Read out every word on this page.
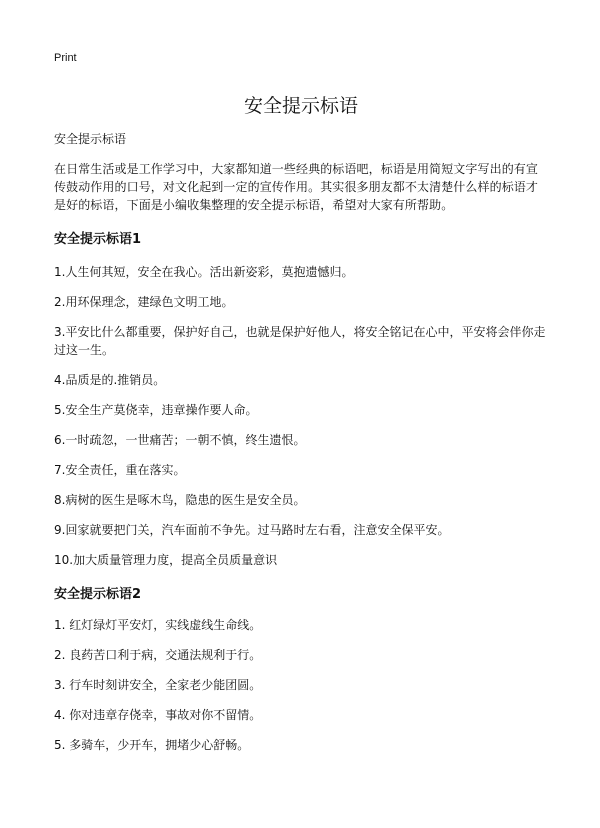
Print
安全提示标语

安全提示标语

在日常生活或是工作学习中，大家都知道一些经典的标语吧，标语是用简短文字写出的有宣传鼓动作用的口号，对文化起到一定的宣传作用。其实很多朋友都不太清楚什么样的标语才是好的标语，下面是小编收集整理的安全提示标语，希望对大家有所帮助。

安全提示标语1

1.人生何其短，安全在我心。活出新姿彩，莫抱遗憾归。

2.用环保理念，建绿色文明工地。

3.平安比什么都重要，保护好自己，也就是保护好他人，将安全铭记在心中，平安将会伴你走过这一生。

4.品质是的.推销员。

5.安全生产莫侥幸，违章操作要人命。

6.一时疏忽，一世痛苦；一朝不慎，终生遗恨。

7.安全责任，重在落实。

8.病树的医生是啄木鸟，隐患的医生是安全员。

9.回家就要把门关，汽车面前不争先。过马路时左右看，注意安全保平安。

10.加大质量管理力度，提高全员质量意识

安全提示标语2

1. 红灯绿灯平安灯，实线虚线生命线。

2. 良药苦口利于病，交通法规利于行。

3. 行车时刻讲安全，全家老少能团圆。

4. 你对违章存侥幸，事故对你不留情。

5. 多骑车，少开车，拥堵少心舒畅。
